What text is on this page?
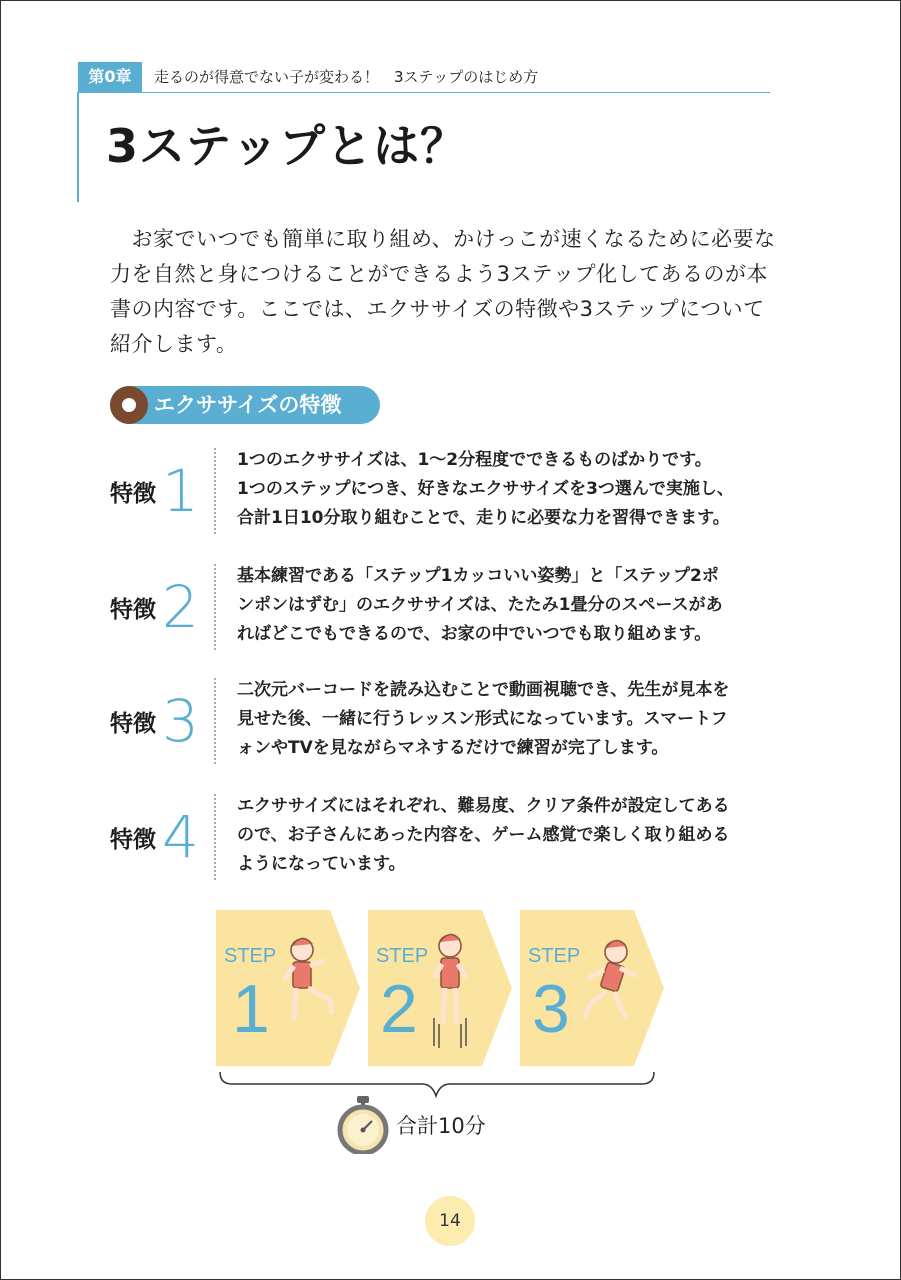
第0章	走るのが得意でない子が変わる！　3ステップのはじめ方
3ステップとは？

　お家でいつでも簡単に取り組め、かけっこが速くなるために必要な

力を自然と身につけることができるよう3ステップ化してあるのが本

書の内容です。ここでは、エクササイズの特徴や3ステップについて

紹介します。

エクササイズの特徴
特徴 1 1つのエクササイズは、1〜2分程度でできるものばかりです。
1つのステップにつき、好きなエクササイズを3つ選んで実施し、
合計1日10分取り組むことで、走りに必要な力を習得できます。
特徴 2 基本練習である「ステップ1カッコいい姿勢」と「ステップ2ポ
ンポンはずむ」のエクササイズは、たたみ1畳分のスペースがあ
ればどこでもできるので、お家の中でいつでも取り組めます。
特徴 3 二次元バーコードを読み込むことで動画視聴でき、先生が見本を
見せた後、一緒に行うレッスン形式になっています。スマートフ
ォンやTVを見ながらマネするだけで練習が完了します。
特徴 4 エクササイズにはそれぞれ、難易度、クリア条件が設定してある
ので、お子さんにあった内容を、ゲーム感覚で楽しく取り組める
ようになっています。
STEP
1
STEP
2
STEP
3
合計10分
14
